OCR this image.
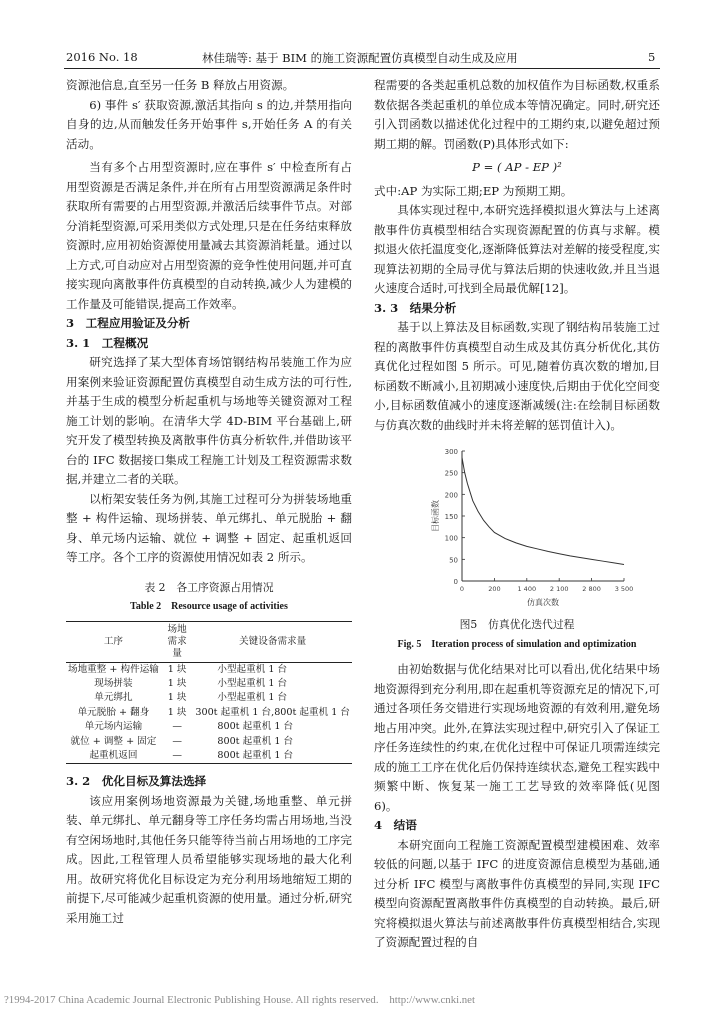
2016 No. 18	林佳瑞等: 基于 BIM 的施工资源配置仿真模型自动生成及应用	5

资源池信息,直至另一任务 B 释放占用资源。

6) 事件 s′ 获取资源,激活其指向 s 的边,并禁用指向自身的边,从而触发任务开始事件 s,开始任务 A 的有关活动。

当有多个占用型资源时,应在事件 s′ 中检查所有占用型资源是否满足条件,并在所有占用型资源满足条件时获取所有需要的占用型资源,并激活后续事件节点。对部分消耗型资源,可采用类似方式处理,只是在任务结束释放资源时,应用初始资源使用量减去其资源消耗量。通过以上方式,可自动应对占用型资源的竞争性使用问题,并可直接实现向离散事件仿真模型的自动转换,减少人为建模的工作量及可能错误,提高工作效率。

3　工程应用验证及分析

3. 1　工程概况

研究选择了某大型体育场馆钢结构吊装施工作为应用案例来验证资源配置仿真模型自动生成方法的可行性,并基于生成的模型分析起重机与场地等关键资源对工程施工计划的影响。在清华大学 4D-BIM 平台基础上,研究开发了模型转换及离散事件仿真分析软件,并借助该平台的 IFC 数据接口集成工程施工计划及工程资源需求数据,并建立二者的关联。

以桁架安装任务为例,其施工过程可分为拼装场地重整 + 构件运输、现场拼装、单元绑扎、单元脱胎 + 翻身、单元场内运输、就位 + 调整 + 固定、起重机返回等工序。各个工序的资源使用情况如表 2 所示。

表 2　各工序资源占用情况
Table 2　Resource usage of activities
工序	场地需求量	关键设备需求量
场地重整 + 构件运输	1 块	小型起重机 1 台
现场拼装	1 块	小型起重机 1 台
单元绑扎	1 块	小型起重机 1 台
单元脱胎 + 翻身	1 块	300t 起重机 1 台,800t 起重机 1 台
单元场内运输	—	800t 起重机 1 台
就位 + 调整 + 固定	—	800t 起重机 1 台
起重机返回	—	800t 起重机 1 台

3. 2　优化目标及算法选择

该应用案例场地资源最为关键,场地重整、单元拼装、单元绑扎、单元翻身等工序任务均需占用场地,当没有空闲场地时,其他任务只能等待当前占用场地的工序完成。因此,工程管理人员希望能够实现场地的最大化利用。故研究将优化目标设定为充分利用场地缩短工期的前提下,尽可能减少起重机资源的使用量。通过分析,研究采用施工过

程需要的各类起重机总数的加权值作为目标函数,权重系数依据各类起重机的单位成本等情况确定。同时,研究还引入罚函数以描述优化过程中的工期约束,以避免超过预期工期的解。罚函数(P)具体形式如下:

P = ( AP - EP )²

式中:AP 为实际工期;EP 为预期工期。

具体实现过程中,本研究选择模拟退火算法与上述离散事件仿真模型相结合实现资源配置的仿真与求解。模拟退火依托温度变化,逐渐降低算法对差解的接受程度,实现算法初期的全局寻优与算法后期的快速收敛,并且当退火速度合适时,可找到全局最优解[12]。

3. 3　结果分析

基于以上算法及目标函数,实现了钢结构吊装施工过程的离散事件仿真模型自动生成及其仿真分析优化,其仿真优化过程如图 5 所示。可见,随着仿真次数的增加,目标函数不断减小,且初期减小速度快,后期由于优化空间变小,目标函数值减小的速度逐渐减缓(注:在绘制目标函数与仿真次数的曲线时并未将差解的惩罚值计入)。

0
50
100
150
200
250
300
0	200	1 400 2 100 2 800 3 500
目标函数
仿真次数
图5　仿真优化迭代过程
Fig. 5　Iteration process of simulation and optimization

由初始数据与优化结果对比可以看出,优化结果中场地资源得到充分利用,即在起重机等资源充足的情况下,可通过各项任务交错进行实现场地资源的有效利用,避免场地占用冲突。此外,在算法实现过程中,研究引入了保证工序任务连续性的约束,在优化过程中可保证几项需连续完成的施工工序在优化后仍保持连续状态,避免工程实践中频繁中断、恢复某一施工工艺导致的效率降低(见图 6)。

4　结语

本研究面向工程施工资源配置模型建模困难、效率较低的问题,以基于 IFC 的进度资源信息模型为基础,通过分析 IFC 模型与离散事件仿真模型的异同,实现 IFC 模型向资源配置离散事件仿真模型的自动转换。最后,研究将模拟退火算法与前述离散事件仿真模型相结合,实现了资源配置过程的自

?1994-2017 China Academic Journal Electronic Publishing House. All rights reserved.　http://www.cnki.net
